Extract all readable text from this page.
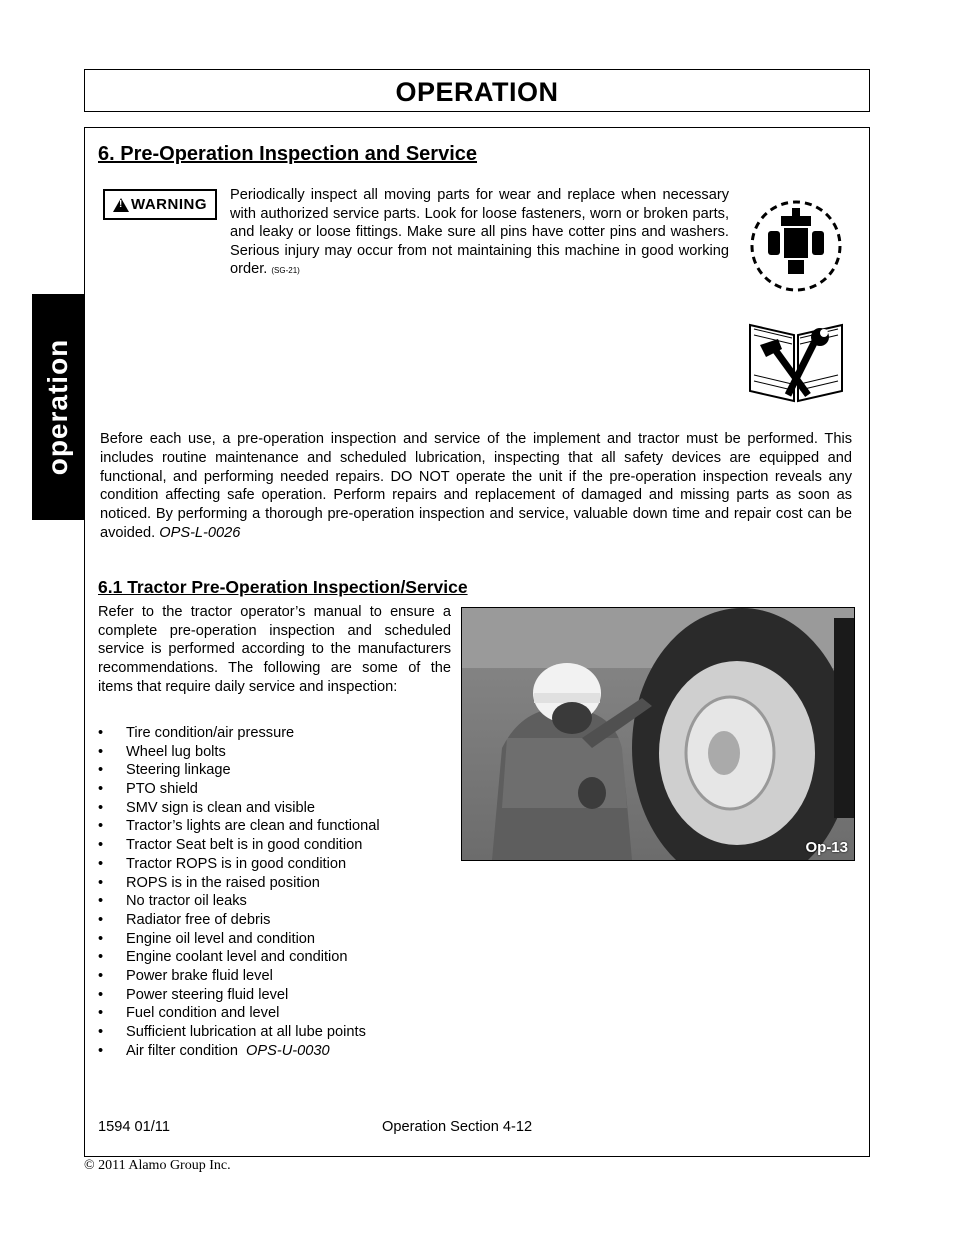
OPERATION
operation
6. Pre-Operation Inspection and Service
!
WARNING
Periodically inspect all moving parts for wear and replace when necessary with authorized service parts. Look for loose fasteners, worn or broken parts, and leaky or loose fittings. Make sure all pins have cotter pins and washers. Serious injury may occur from not maintaining this machine in good working order. (SG-21)
Before each use, a pre-operation inspection and service of the implement and tractor must be performed. This includes routine maintenance and scheduled lubrication, inspecting that all safety devices are equipped and functional, and performing needed repairs. DO NOT operate the unit if the pre-operation inspection reveals any condition affecting safe operation. Perform repairs and replacement of damaged and missing parts as soon as noticed. By performing a thorough pre-operation inspection and service, valuable down time and repair cost can be avoided. OPS-L-0026
6.1 Tractor Pre-Operation Inspection/Service
Refer to the tractor operator’s manual to ensure a complete pre-operation inspection and scheduled service is performed according to the manufacturers recommendations. The following are some of the items that require daily service and inspection:
• Tire condition/air pressure
• Wheel lug bolts
• Steering linkage
• PTO shield
• SMV sign is clean and visible
• Tractor’s lights are clean and functional
• Tractor Seat belt is in good condition
• Tractor ROPS is in good condition
• ROPS is in the raised position
• No tractor oil leaks
• Radiator free of debris
• Engine oil level and condition
• Engine coolant level and condition
• Power brake fluid level
• Power steering fluid level
• Fuel condition and level
• Sufficient lubrication at all lube points
• Air filter condition OPS-U-0030
Op-13
1594 01/11	Operation Section 4-12
© 2011 Alamo Group Inc.
